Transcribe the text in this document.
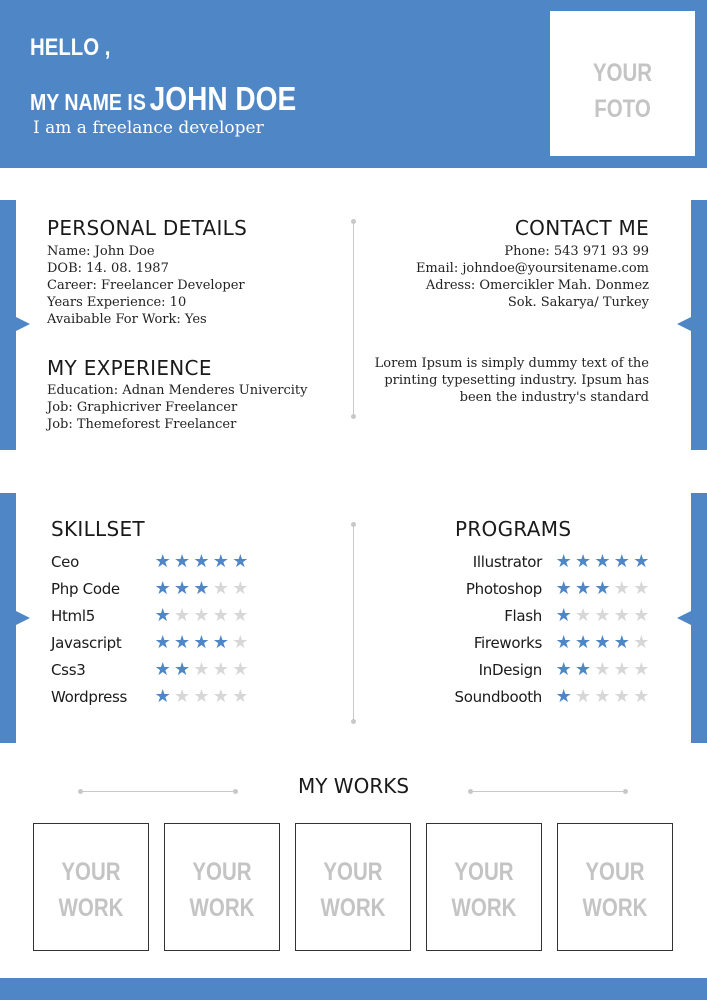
HELLO ,
MY NAME IS JOHN DOE
I am a freelance developer
YOUR
FOTO
PERSONAL DETAILS
Name: John Doe
DOB: 14. 08. 1987
Career: Freelancer Developer
Years Experience: 10
Avaibable For Work: Yes
MY EXPERIENCE
Education: Adnan Menderes Univercity
Job: Graphicriver Freelancer
Job: Themeforest Freelancer
CONTACT ME
Phone: 543 971 93 99
Email: johndoe@yoursitename.com
Adress: Omercikler Mah. Donmez
Sok. Sakarya/ Turkey
Lorem Ipsum is simply dummy text of the
printing typesetting industry. Ipsum has
been the industry's standard
SKILLSET
Ceo	★ ★ ★ ★ ★
Php Code	★ ★ ★ ★ ★
Html5	★ ★ ★ ★ ★
Javascript	★ ★ ★ ★ ★
Css3	★ ★ ★ ★ ★
Wordpress	★ ★ ★ ★ ★
PROGRAMS
Illustrator ★ ★ ★ ★ ★
Photoshop ★ ★ ★ ★ ★
Flash ★ ★ ★ ★ ★
Fireworks ★ ★ ★ ★ ★
InDesign ★ ★ ★ ★ ★
Soundbooth ★ ★ ★ ★ ★
MY WORKS
YOUR
WORK
YOUR
WORK
YOUR
WORK
YOUR
WORK
YOUR
WORK
